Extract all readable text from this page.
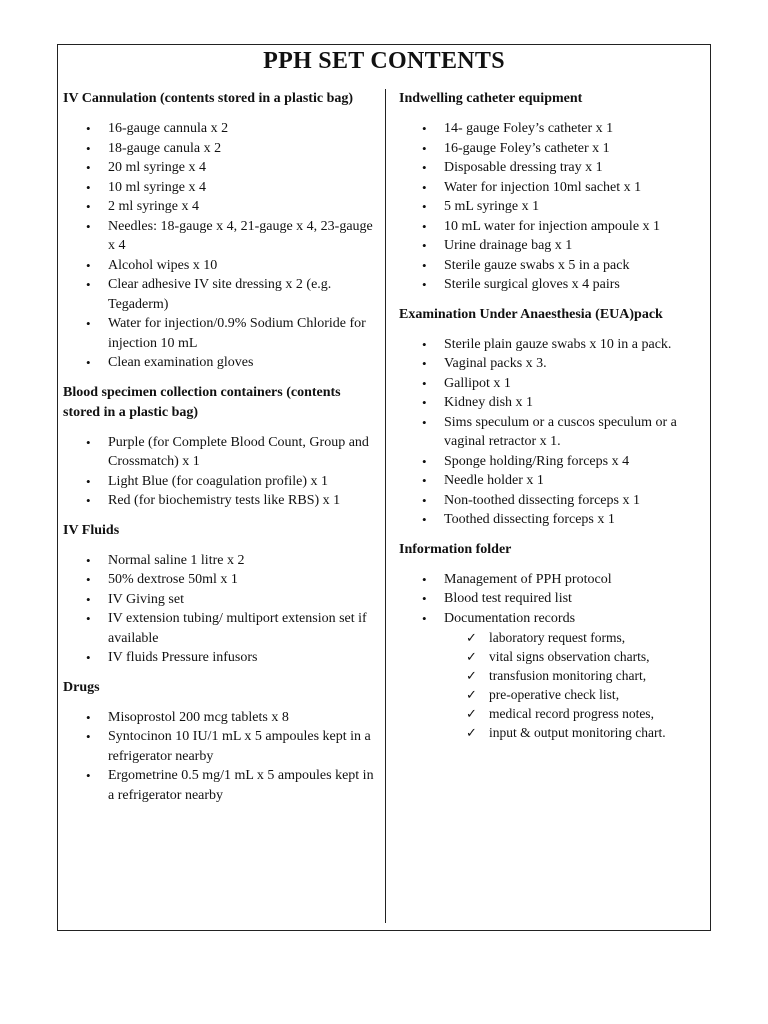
PPH SET CONTENTS
IV Cannulation (contents stored in a plastic bag)
• 16-gauge cannula x 2
• 18-gauge canula x 2
• 20 ml syringe x 4
• 10 ml syringe x 4
• 2 ml syringe x 4
• Needles: 18-gauge x 4, 21-gauge x 4, 23-gauge x 4
• Alcohol wipes x 10
• Clear adhesive IV site dressing x 2 (e.g. Tegaderm)
• Water for injection/0.9% Sodium Chloride for injection 10 mL
• Clean examination gloves
Blood specimen collection containers (contents stored in a plastic bag)
• Purple (for Complete Blood Count, Group and Crossmatch) x 1
• Light Blue (for coagulation profile) x 1
• Red (for biochemistry tests like RBS) x 1
IV Fluids
• Normal saline 1 litre x 2
• 50% dextrose 50ml x 1
• IV Giving set
• IV extension tubing/ multiport extension set if available
• IV fluids Pressure infusors
Drugs
• Misoprostol 200 mcg tablets x 8
• Syntocinon 10 IU/1 mL x 5 ampoules kept in a refrigerator nearby
• Ergometrine 0.5 mg/1 mL x 5 ampoules kept in a refrigerator nearby
Indwelling catheter equipment
• 14- gauge Foley’s catheter x 1
• 16-gauge Foley’s catheter x 1
• Disposable dressing tray x 1
• Water for injection 10ml sachet x 1
• 5 mL syringe x 1
• 10 mL water for injection ampoule x 1
• Urine drainage bag x 1
• Sterile gauze swabs x 5 in a pack
• Sterile surgical gloves x 4 pairs
Examination Under Anaesthesia (EUA)pack
• Sterile plain gauze swabs x 10 in a pack.
• Vaginal packs x 3.
• Gallipot x 1
• Kidney dish x 1
• Sims speculum or a cuscos speculum or a vaginal retractor x 1.
• Sponge holding/Ring forceps x 4
• Needle holder x 1
• Non-toothed dissecting forceps x 1
• Toothed dissecting forceps x 1
Information folder
• Management of PPH protocol
• Blood test required list
• Documentation records
✓ laboratory request forms,
✓ vital signs observation charts,
✓ transfusion monitoring chart,
✓ pre-operative check list,
✓ medical record progress notes,
✓ input & output monitoring chart.
